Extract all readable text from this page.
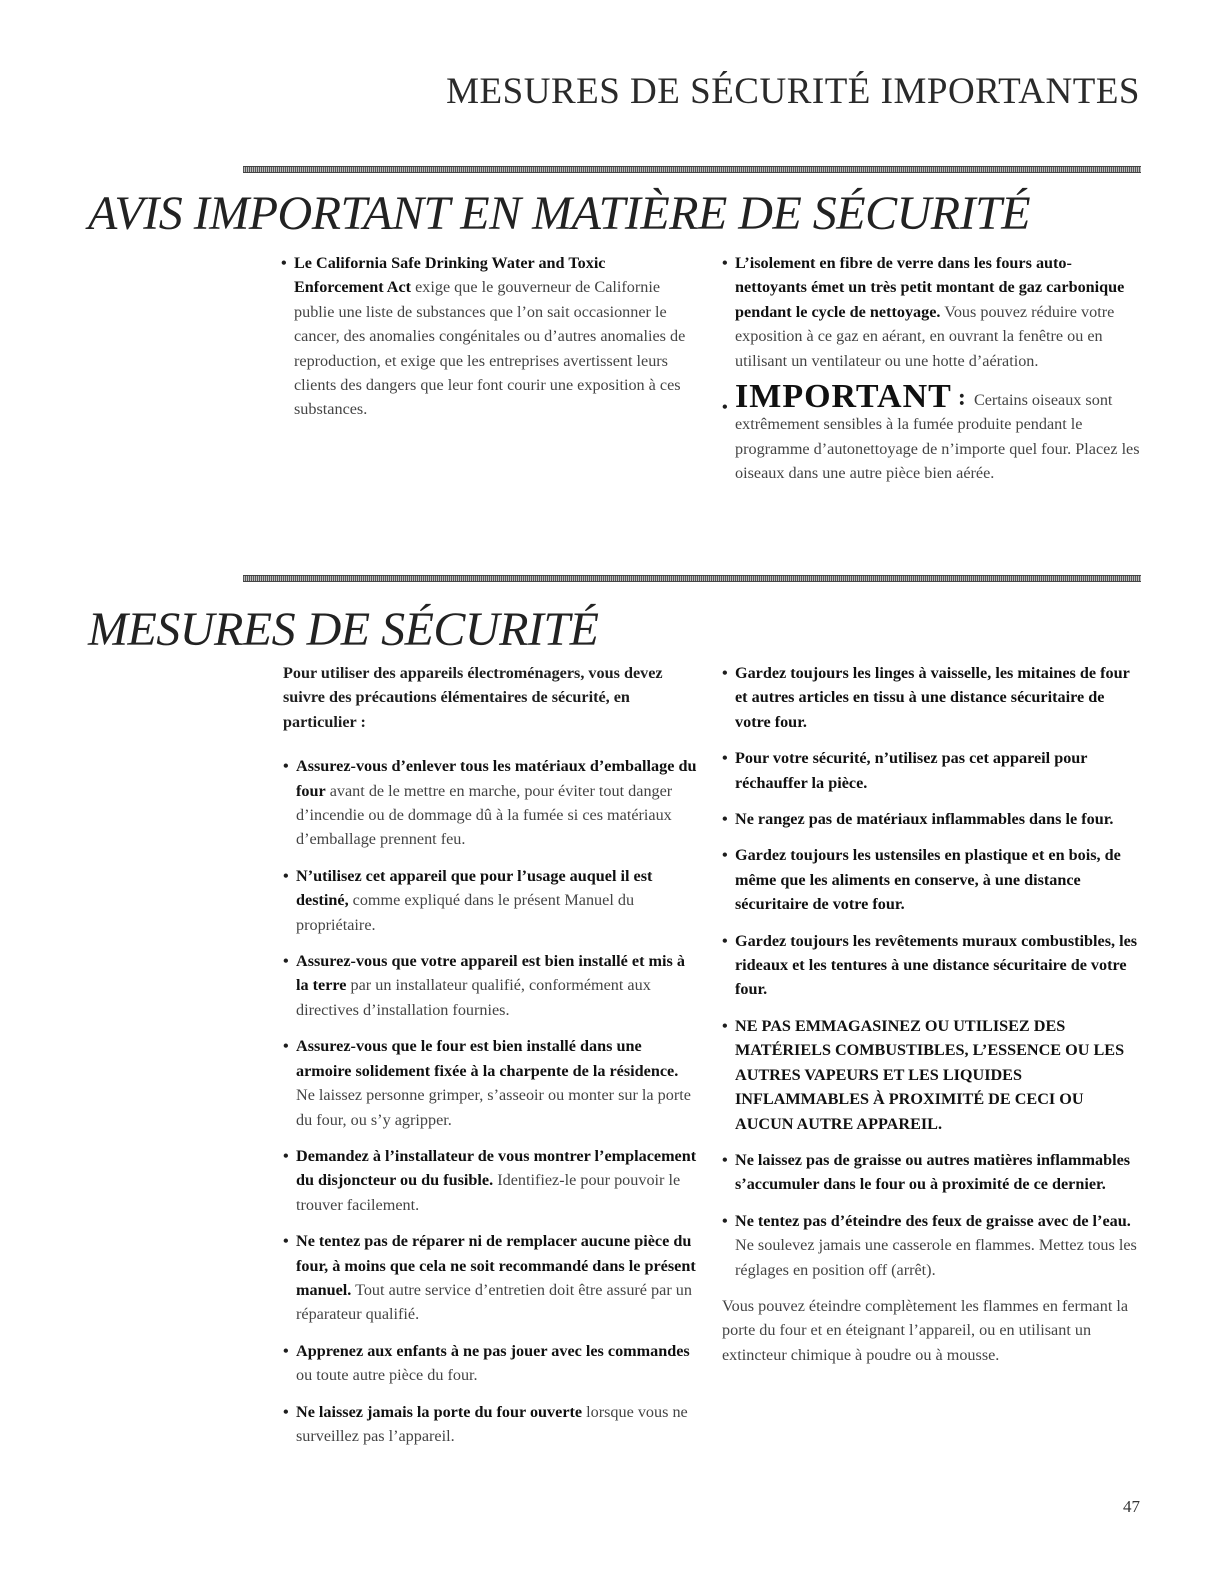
MESURES DE SÉCURITÉ IMPORTANTES
AVIS IMPORTANT EN MATIÈRE DE SÉCURITÉ
• Le California Safe Drinking Water and Toxic Enforcement Act exige que le gouverneur de Californie publie une liste de substances que l’on sait occasionner le cancer, des anomalies congénitales ou d’autres anomalies de reproduction, et exige que les entreprises avertissent leurs clients des dangers que leur font courir une exposition à ces substances.
• L’isolement en fibre de verre dans les fours auto-nettoyants émet un très petit montant de gaz carbonique pendant le cycle de nettoyage. Vous pouvez réduire votre exposition à ce gaz en aérant, en ouvrant la fenêtre ou en utilisant un ventilateur ou une hotte d’aération.
• IMPORTANT : Certains oiseaux sont extrêmement sensibles à la fumée produite pendant le programme d’autonettoyage de n’importe quel four. Placez les oiseaux dans une autre pièce bien aérée.
MESURES DE SÉCURITÉ

Pour utiliser des appareils électroménagers, vous devez suivre des précautions élémentaires de sécurité, en particulier :

• Assurez-vous d’enlever tous les matériaux d’emballage du four avant de le mettre en marche, pour éviter tout danger d’incendie ou de dommage dû à la fumée si ces matériaux d’emballage prennent feu.
• N’utilisez cet appareil que pour l’usage auquel il est destiné, comme expliqué dans le présent Manuel du propriétaire.
• Assurez-vous que votre appareil est bien installé et mis à la terre par un installateur qualifié, conformément aux directives d’installation fournies.
• Assurez-vous que le four est bien installé dans une armoire solidement fixée à la charpente de la résidence. Ne laissez personne grimper, s’asseoir ou monter sur la porte du four, ou s’y agripper.
• Demandez à l’installateur de vous montrer l’emplacement du disjoncteur ou du fusible. Identifiez-le pour pouvoir le trouver facilement.
• Ne tentez pas de réparer ni de remplacer aucune pièce du four, à moins que cela ne soit recommandé dans le présent manuel. Tout autre service d’entretien doit être assuré par un réparateur qualifié.
• Apprenez aux enfants à ne pas jouer avec les commandes ou toute autre pièce du four.
• Ne laissez jamais la porte du four ouverte lorsque vous ne surveillez pas l’appareil.
• Gardez toujours les linges à vaisselle, les mitaines de four et autres articles en tissu à une distance sécuritaire de votre four.
• Pour votre sécurité, n’utilisez pas cet appareil pour réchauffer la pièce.
• Ne rangez pas de matériaux inflammables dans le four.
• Gardez toujours les ustensiles en plastique et en bois, de même que les aliments en conserve, à une distance sécuritaire de votre four.
• Gardez toujours les revêtements muraux combustibles, les rideaux et les tentures à une distance sécuritaire de votre four.
• NE PAS EMMAGASINEZ OU UTILISEZ DES MATÉRIELS COMBUSTIBLES, L’ESSENCE OU LES AUTRES VAPEURS ET LES LIQUIDES INFLAMMABLES À PROXIMITÉ DE CECI OU AUCUN AUTRE APPAREIL.
• Ne laissez pas de graisse ou autres matières inflammables s’accumuler dans le four ou à proximité de ce dernier.
• Ne tentez pas d’éteindre des feux de graisse avec de l’eau. Ne soulevez jamais une casserole en flammes. Mettez tous les réglages en position off (arrêt).

Vous pouvez éteindre complètement les flammes en fermant la porte du four et en éteignant l’appareil, ou en utilisant un extincteur chimique à poudre ou à mousse.

47
